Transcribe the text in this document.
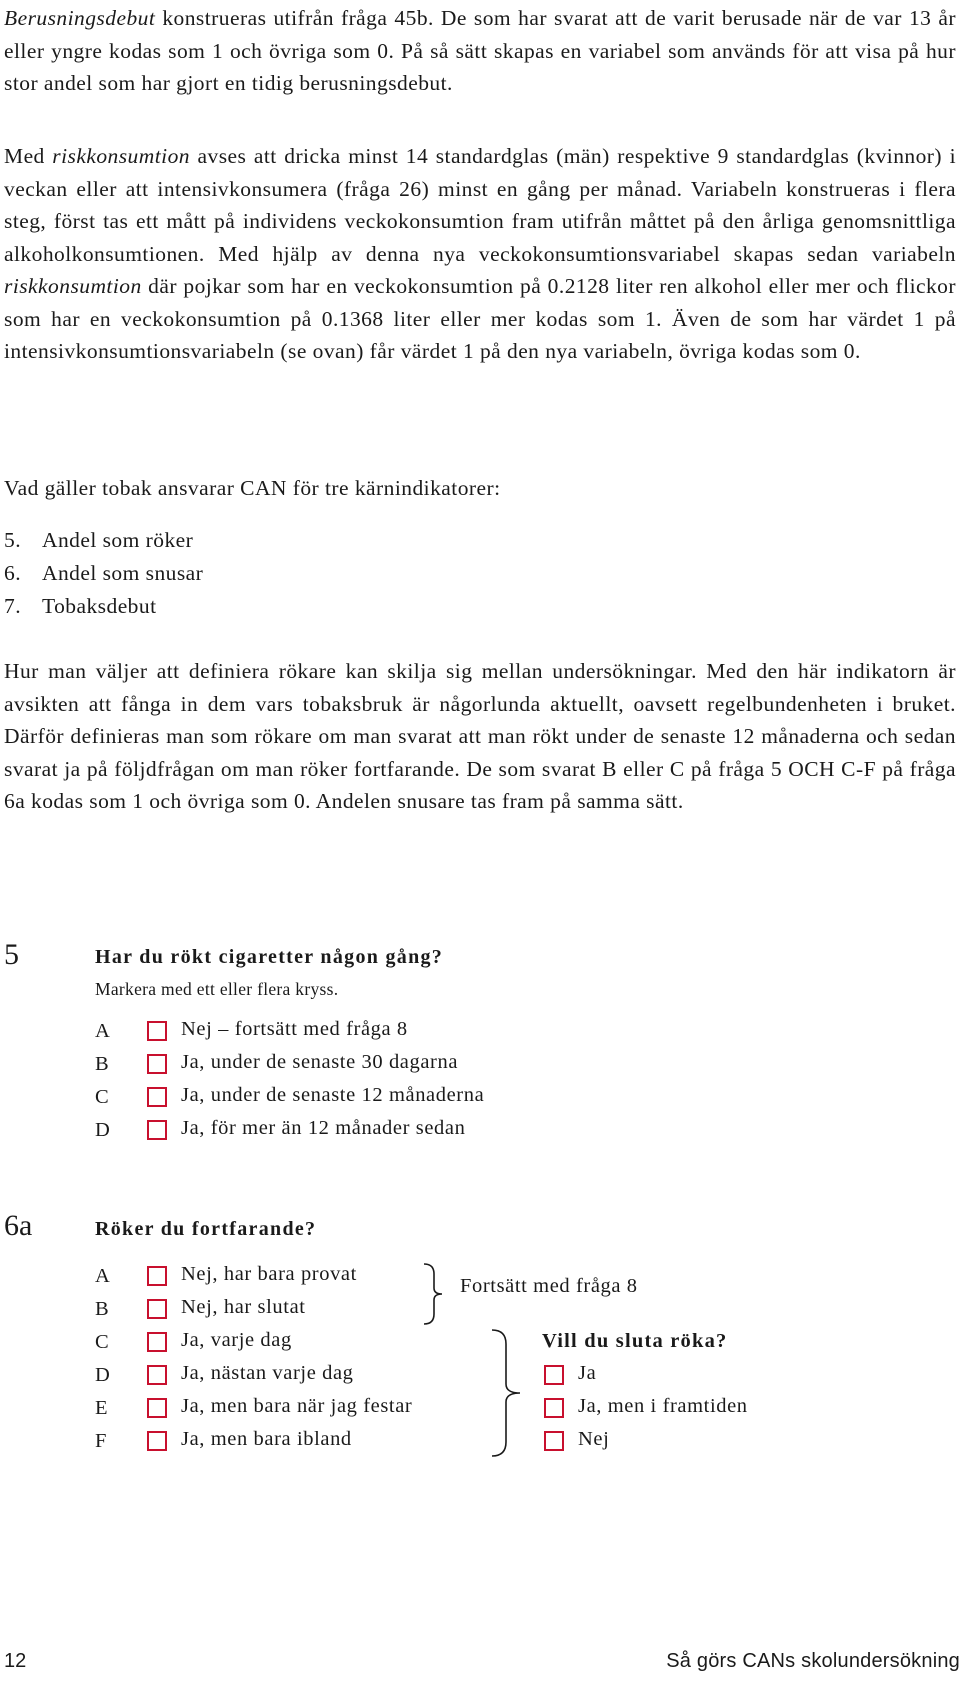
Berusningsdebut konstrueras utifrån fråga 45b. De som har svarat att de varit berusade när de var 13 år eller yngre kodas som 1 och övriga som 0. På så sätt skapas en variabel som används för att visa på hur stor andel som har gjort en tidig berusningsdebut.

Med riskkonsumtion avses att dricka minst 14 standardglas (män) respektive 9 standardglas (kvinnor) i veckan eller att intensivkonsumera (fråga 26) minst en gång per månad. Variabeln konstrueras i flera steg, först tas ett mått på individens veckokonsumtion fram utifrån måttet på den årliga genomsnittliga alkoholkonsumtionen. Med hjälp av denna nya veckokonsumtionsvariabel skapas sedan variabeln riskkonsumtion där pojkar som har en veckokonsumtion på 0.2128 liter ren alkohol eller mer och flickor som har en veckokonsumtion på 0.1368 liter eller mer kodas som 1. Även de som har värdet 1 på intensivkonsumtionsvariabeln (se ovan) får värdet 1 på den nya variabeln, övriga kodas som 0.

Vad gäller tobak ansvarar CAN för tre kärnindikatorer:

5. Andel som röker
6. Andel som snusar
7. Tobaksdebut

Hur man väljer att definiera rökare kan skilja sig mellan undersökningar. Med den här indikatorn är avsikten att fånga in dem vars tobaksbruk är någorlunda aktuellt, oavsett regelbundenheten i bruket. Därför definieras man som rökare om man svarat att man rökt under de senaste 12 månaderna och sedan svarat ja på följdfrågan om man röker fortfarande. De som svarat B eller C på fråga 5 OCH C-F på fråga 6a kodas som 1 och övriga som 0. Andelen snusare tas fram på samma sätt.

5	Har du rökt cigaretter någon gång?
Markera med ett eller flera kryss.
A	Nej – fortsätt med fråga 8
B	Ja, under de senaste 30 dagarna
C	Ja, under de senaste 12 månaderna
D	Ja, för mer än 12 månader sedan
6a	Röker du fortfarande?
A	Nej, har bara provat
B	Nej, har slutat
C	Ja, varje dag
D	Ja, nästan varje dag
E	Ja, men bara när jag festar
F	Ja, men bara ibland
Fortsätt med fråga 8
Vill du sluta röka?
Ja
Ja, men i framtiden
Nej
12	Så görs CANs skolundersökning
